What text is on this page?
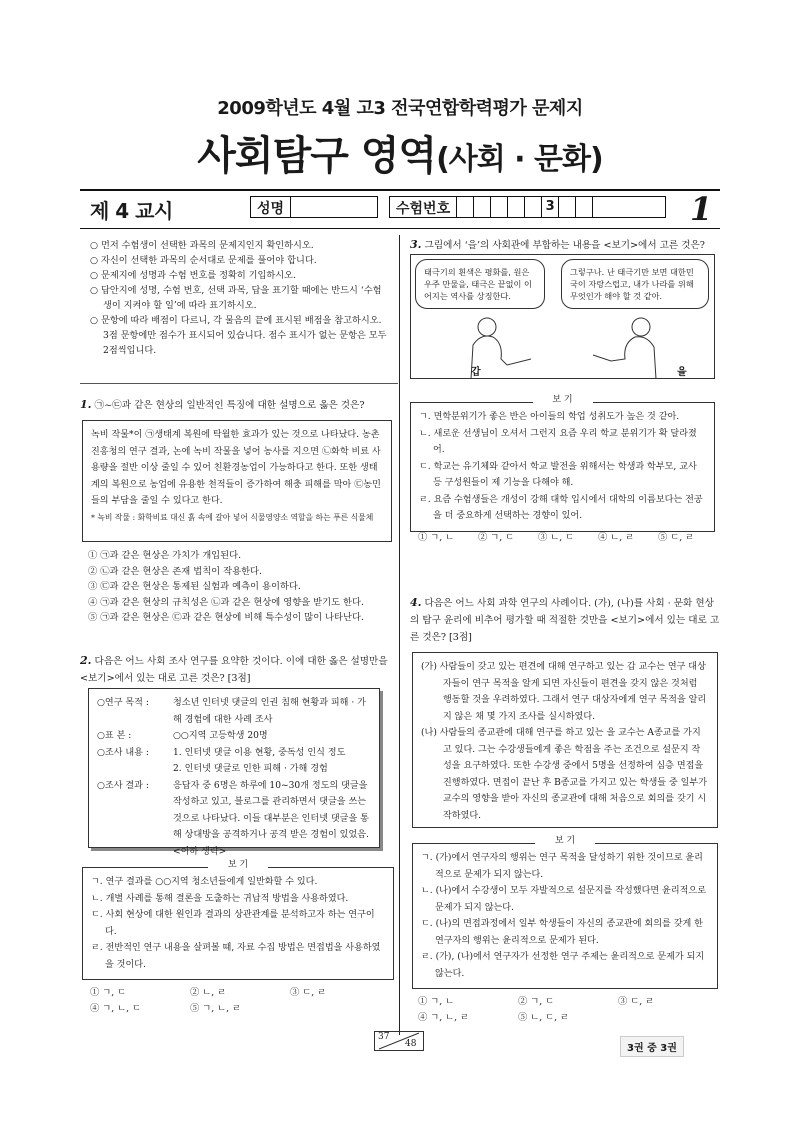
2009학년도 4월 고3 전국연합학력평가 문제지
사회탐구 영역(사회 · 문화)
제 4 교시	성명	수험번호	3	1
○ 먼저 수험생이 선택한 과목의 문제지인지 확인하시오.
○ 자신이 선택한 과목의 순서대로 문제를 풀어야 합니다.
○ 문제지에 성명과 수험 번호를 정확히 기입하시오.
○ 답안지에 성명, 수험 번호, 선택 과목, 답을 표기할 때에는 반드시 ‘수험생이 지켜야 할 일’에 따라 표기하시오.
○ 문항에 따라 배점이 다르니, 각 물음의 끝에 표시된 배점을 참고하시오. 3점 문항에만 점수가 표시되어 있습니다. 점수 표시가 없는 문항은 모두 2점씩입니다.
1. ㉠~㉢과 같은 현상의 일반적인 특징에 대한 설명으로 옳은 것은?
녹비 작물*이 ㉠생태계 복원에 탁월한 효과가 있는 것으로 나타났다. 농촌진흥청의 연구 결과, 논에 녹비 작물을 넣어 농사를 지으면 ㉡화학 비료 사용량을 절반 이상 줄일 수 있어 친환경농업이 가능하다고 한다. 또한 생태계의 복원으로 농업에 유용한 천적들이 증가하여 해충 피해를 막아 ㉢농민들의 부담을 줄일 수 있다고 한다.
* 녹비 작물 : 화학비료 대신 흙 속에 갈아 넣어 식물영양소 역할을 하는 푸른 식물체
① ㉠과 같은 현상은 가치가 개입된다.
② ㉡과 같은 현상은 존재 법칙이 작용한다.
③ ㉢과 같은 현상은 통제된 실험과 예측이 용이하다.
④ ㉠과 같은 현상의 규칙성은 ㉡과 같은 현상에 영향을 받기도 한다.
⑤ ㉠과 같은 현상은 ㉢과 같은 현상에 비해 특수성이 많이 나타난다.
2. 다음은 어느 사회 조사 연구를 요약한 것이다. 이에 대한 옳은 설명만을 <보기>에서 있는 대로 고른 것은? [3점]
○연구 목적 :	청소년 인터넷 댓글의 인권 침해 현황과 피해 · 가해 경험에 대한 사례 조사
○표 본 :	○○지역 고등학생 20명
○조사 내용 :	1. 인터넷 댓글 이용 현황, 중독성 인식 정도
2. 인터넷 댓글로 인한 피해 · 가해 경험
○조사 결과 :	응답자 중 6명은 하루에 10~30개 정도의 댓글을 작성하고 있고, 블로그를 관리하면서 댓글을 쓰는 것으로 나타났다. 이들 대부분은 인터넷 댓글을 통해 상대방을 공격하거나 공격 받은 경험이 있었음. <이하 생략>
보 기
ㄱ. 연구 결과를 ○○지역 청소년들에게 일반화할 수 있다.
ㄴ. 개별 사례를 통해 결론을 도출하는 귀납적 방법을 사용하였다.
ㄷ. 사회 현상에 대한 원인과 결과의 상관관계를 분석하고자 하는 연구이다.
ㄹ. 전반적인 연구 내용을 살펴볼 때, 자료 수집 방법은 면접법을 사용하였을 것이다.
① ㄱ, ㄷ	② ㄴ, ㄹ	③ ㄷ, ㄹ
④ ㄱ, ㄴ, ㄷ	⑤ ㄱ, ㄴ, ㄹ
3. 그림에서 ‘을’의 사회관에 부합하는 내용을 <보기>에서 고른 것은?
태극기의 흰색은 평화를, 원은 우주 만물을, 태극은 끝없이 이어지는 역사를 상징한다.
그렇구나. 난 태극기만 보면 대한민국이 자랑스럽고, 내가 나라를 위해 무엇인가 해야 할 것 같아.
갑	을
보 기
ㄱ. 면학분위기가 좋은 반은 아이들의 학업 성취도가 높은 것 같아.
ㄴ. 새로운 선생님이 오셔서 그런지 요즘 우리 학교 분위기가 확 달라졌어.
ㄷ. 학교는 유기체와 같아서 학교 발전을 위해서는 학생과 학부모, 교사 등 구성원들이 제 기능을 다해야 해.
ㄹ. 요즘 수험생들은 개성이 강해 대학 입시에서 대학의 이름보다는 전공을 더 중요하게 선택하는 경향이 있어.
① ㄱ, ㄴ	② ㄱ, ㄷ	③ ㄴ, ㄷ	④ ㄴ, ㄹ	⑤ ㄷ, ㄹ
4. 다음은 어느 사회 과학 연구의 사례이다. (가), (나)를 사회 · 문화 현상의 탐구 윤리에 비추어 평가할 때 적절한 것만을 <보기>에서 있는 대로 고른 것은? [3점]
(가) 사람들이 갖고 있는 편견에 대해 연구하고 있는 갑 교수는 연구 대상자들이 연구 목적을 알게 되면 자신들이 편견을 갖지 않은 것처럼 행동할 것을 우려하였다. 그래서 연구 대상자에게 연구 목적을 알리지 않은 채 몇 가지 조사를 실시하였다.
(나) 사람들의 종교관에 대해 연구를 하고 있는 을 교수는 A종교를 가지고 있다. 그는 수강생들에게 좋은 학점을 주는 조건으로 설문지 작성을 요구하였다. 또한 수강생 중에서 5명을 선정하여 심층 면접을 진행하였다. 면접이 끝난 후 B종교를 가지고 있는 학생들 중 일부가 교수의 영향을 받아 자신의 종교관에 대해 처음으로 회의를 갖기 시작하였다.
보 기
ㄱ. (가)에서 연구자의 행위는 연구 목적을 달성하기 위한 것이므로 윤리적으로 문제가 되지 않는다.
ㄴ. (나)에서 수강생이 모두 자발적으로 설문지를 작성했다면 윤리적으로 문제가 되지 않는다.
ㄷ. (나)의 면접과정에서 일부 학생들이 자신의 종교관에 회의를 갖게 한 연구자의 행위는 윤리적으로 문제가 된다.
ㄹ. (가), (나)에서 연구자가 선정한 연구 주제는 윤리적으로 문제가 되지 않는다.
① ㄱ, ㄴ	② ㄱ, ㄷ	③ ㄷ, ㄹ
④ ㄱ, ㄴ, ㄹ	⑤ ㄴ, ㄷ, ㄹ
37
48	3권 중 3권
